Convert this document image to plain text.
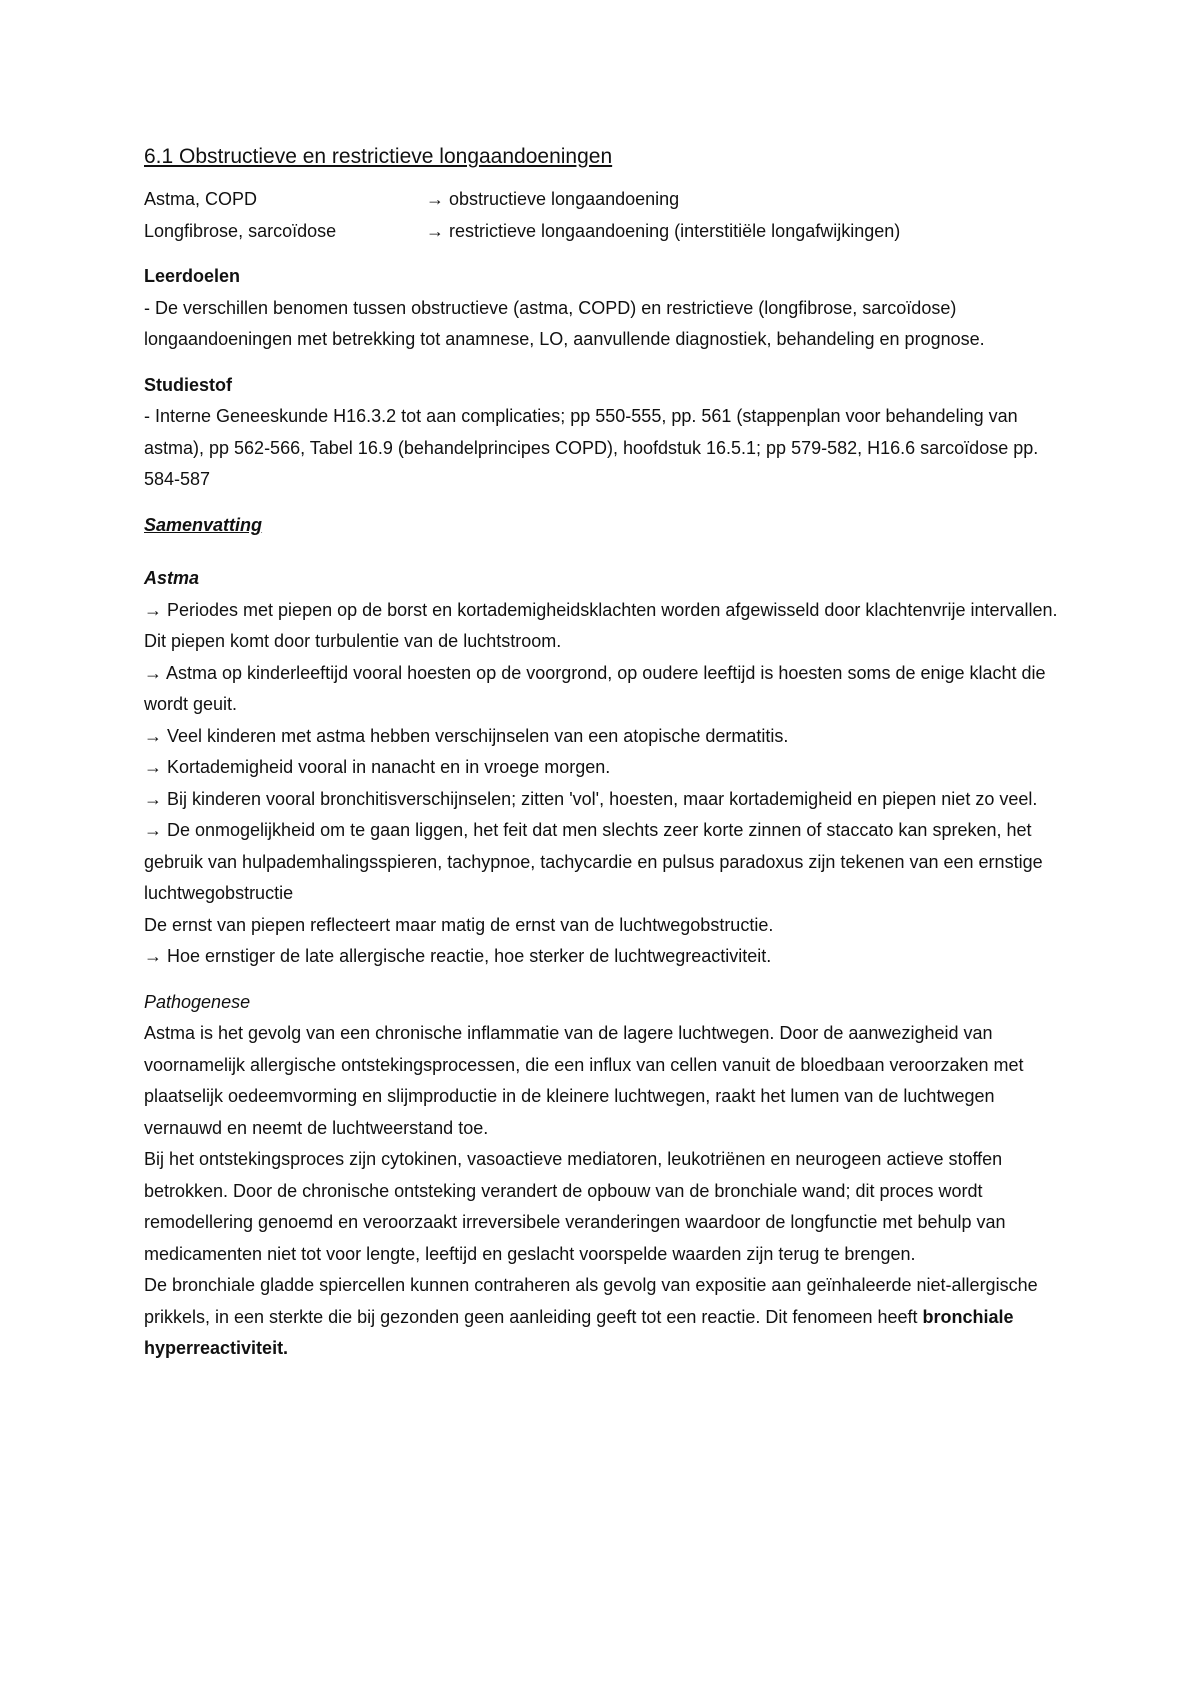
6.1 Obstructieve en restrictieve longaandoeningen
Astma, COPD	→ obstructieve longaandoening
Longfibrose, sarcoïdose	→ restrictieve longaandoening (interstitiële longafwijkingen)
Leerdoelen

- De verschillen benomen tussen obstructieve (astma, COPD) en restrictieve (longfibrose, sarcoïdose) longaandoeningen met betrekking tot anamnese, LO, aanvullende diagnostiek, behandeling en prognose.

Studiestof

- Interne Geneeskunde H16.3.2 tot aan complicaties; pp 550-555, pp. 561 (stappenplan voor behandeling van astma), pp 562-566, Tabel 16.9 (behandelprincipes COPD), hoofdstuk 16.5.1; pp 579-582, H16.6 sarcoïdose pp. 584-587

Samenvatting
Astma

→ Periodes met piepen op de borst en kortademigheidsklachten worden afgewisseld door klachtenvrije intervallen. Dit piepen komt door turbulentie van de luchtstroom.

→ Astma op kinderleeftijd vooral hoesten op de voorgrond, op oudere leeftijd is hoesten soms de enige klacht die wordt geuit.

→ Veel kinderen met astma hebben verschijnselen van een atopische dermatitis.

→ Kortademigheid vooral in nanacht en in vroege morgen.

→ Bij kinderen vooral bronchitisverschijnselen; zitten 'vol', hoesten, maar kortademigheid en piepen niet zo veel.

→ De onmogelijkheid om te gaan liggen, het feit dat men slechts zeer korte zinnen of staccato kan spreken, het gebruik van hulpademhalingsspieren, tachypnoe, tachycardie en pulsus paradoxus zijn tekenen van een ernstige luchtwegobstructie

De ernst van piepen reflecteert maar matig de ernst van de luchtwegobstructie.

→ Hoe ernstiger de late allergische reactie, hoe sterker de luchtwegreactiviteit.

Pathogenese

Astma is het gevolg van een chronische inflammatie van de lagere luchtwegen. Door de aanwezigheid van voornamelijk allergische ontstekingsprocessen, die een influx van cellen vanuit de bloedbaan veroorzaken met plaatselijk oedeemvorming en slijmproductie in de kleinere luchtwegen, raakt het lumen van de luchtwegen vernauwd en neemt de luchtweerstand toe.

Bij het ontstekingsproces zijn cytokinen, vasoactieve mediatoren, leukotriënen en neurogeen actieve stoffen betrokken. Door de chronische ontsteking verandert de opbouw van de bronchiale wand; dit proces wordt remodellering genoemd en veroorzaakt irreversibele veranderingen waardoor de longfunctie met behulp van medicamenten niet tot voor lengte, leeftijd en geslacht voorspelde waarden zijn terug te brengen.

De bronchiale gladde spiercellen kunnen contraheren als gevolg van expositie aan geïnhaleerde niet-allergische prikkels, in een sterkte die bij gezonden geen aanleiding geeft tot een reactie. Dit fenomeen heeft bronchiale hyperreactiviteit.
